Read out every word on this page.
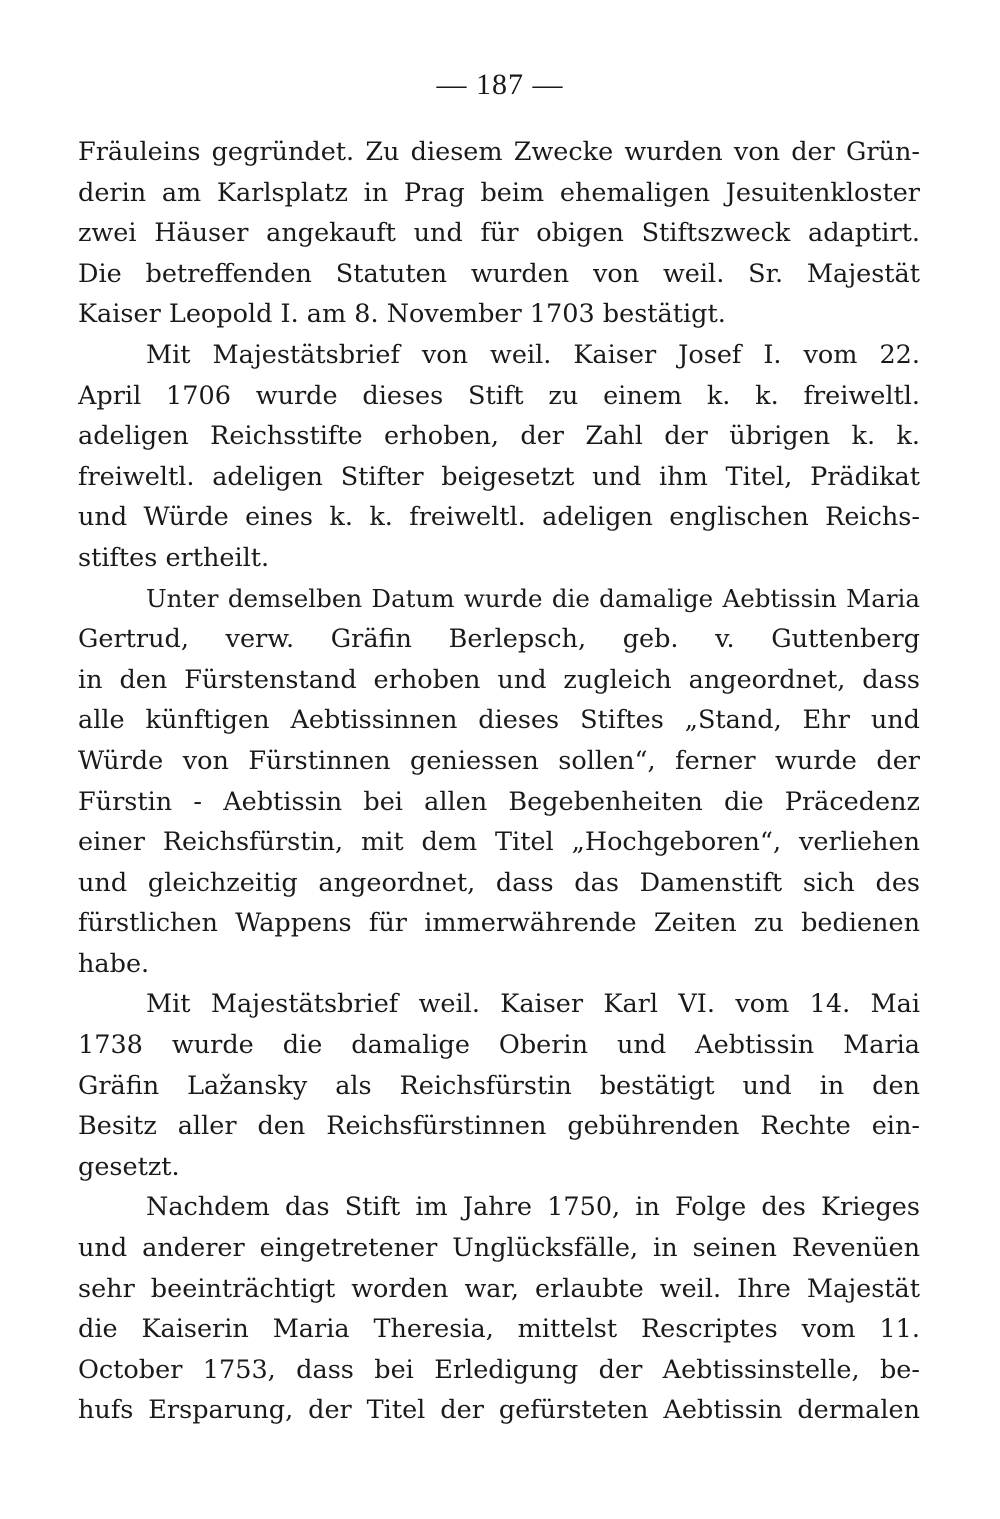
— 187 —
Fräuleins gegründet. Zu diesem Zwecke wurden von der Grün-
derin am Karlsplatz in Prag beim ehemaligen Jesuitenkloster
zwei Häuser angekauft und für obigen Stiftszweck adaptirt.
Die betreffenden Statuten wurden von weil. Sr. Majestät
Kaiser Leopold I. am 8. November 1703 bestätigt.
Mit Majestätsbrief von weil. Kaiser Josef I. vom 22.
April 1706 wurde dieses Stift zu einem k. k. freiweltl.
adeligen Reichsstifte erhoben, der Zahl der übrigen k. k.
freiweltl. adeligen Stifter beigesetzt und ihm Titel, Prädikat
und Würde eines k. k. freiweltl. adeligen englischen Reichs-
stiftes ertheilt.
Unter demselben Datum wurde die damalige Aebtissin Maria
Gertrud, verw. Gräfin Berlepsch, geb. v. Guttenberg
in den Fürstenstand erhoben und zugleich angeordnet, dass
alle künftigen Aebtissinnen dieses Stiftes „Stand, Ehr und
Würde von Fürstinnen geniessen sollen“, ferner wurde der
Fürstin - Aebtissin bei allen Begebenheiten die Präcedenz
einer Reichsfürstin, mit dem Titel „Hochgeboren“, verliehen
und gleichzeitig angeordnet, dass das Damenstift sich des
fürstlichen Wappens für immerwährende Zeiten zu bedienen
habe.
Mit Majestätsbrief weil. Kaiser Karl VI. vom 14. Mai
1738 wurde die damalige Oberin und Aebtissin Maria
Gräfin Lažansky als Reichsfürstin bestätigt und in den
Besitz aller den Reichsfürstinnen gebührenden Rechte ein-
gesetzt.
Nachdem das Stift im Jahre 1750, in Folge des Krieges
und anderer eingetretener Unglücksfälle, in seinen Revenüen
sehr beeinträchtigt worden war, erlaubte weil. Ihre Majestät
die Kaiserin Maria Theresia, mittelst Rescriptes vom 11.
October 1753, dass bei Erledigung der Aebtissinstelle, be-
hufs Ersparung, der Titel der gefürsteten Aebtissin dermalen
